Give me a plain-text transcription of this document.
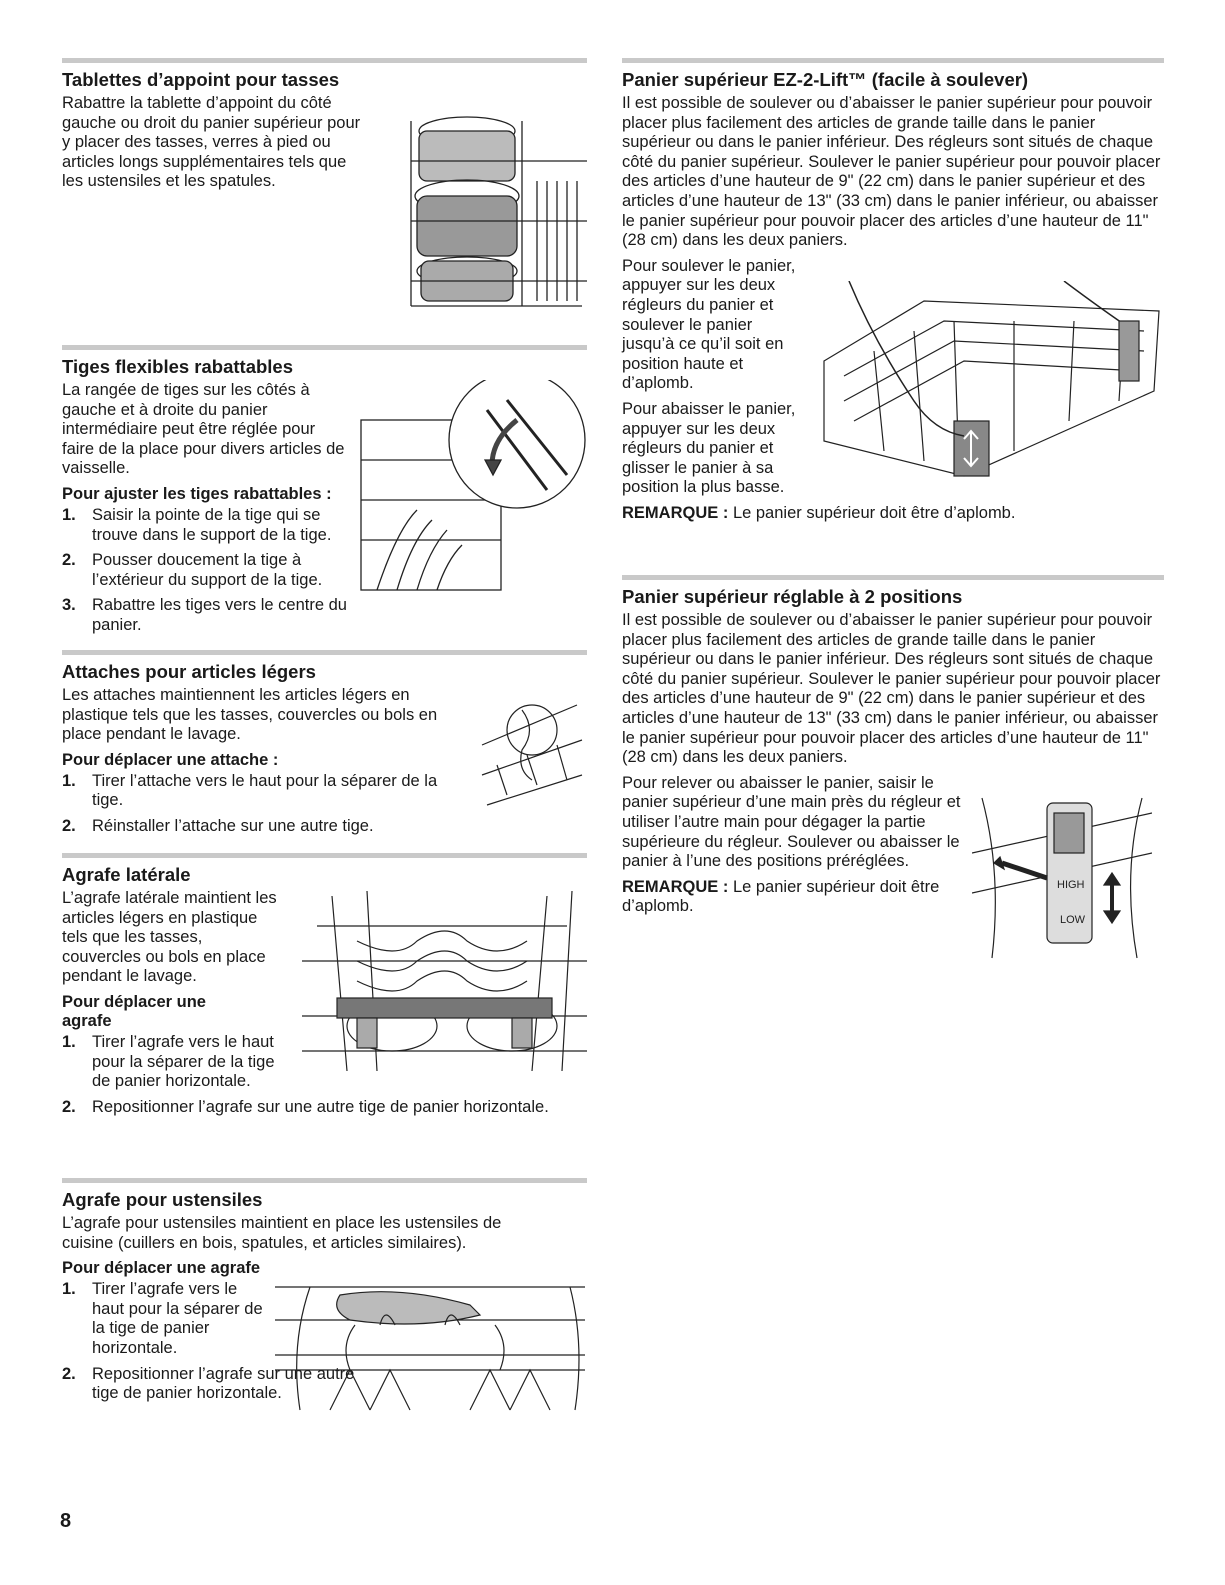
Tablettes d’appoint pour tasses

Rabattre la tablette d’appoint du côté gauche ou droit du panier supérieur pour y placer des tasses, verres à pied ou articles longs supplémentaires tels que les ustensiles et les spatules.

Tiges flexibles rabattables

La rangée de tiges sur les côtés à gauche et à droite du panier intermédiaire peut être réglée pour faire de la place pour divers articles de vaisselle.

Pour ajuster les tiges rabattables :
1. Saisir la pointe de la tige qui se trouve dans le support de la tige.
2. Pousser doucement la tige à l’extérieur du support de la tige.
3. Rabattre les tiges vers le centre du panier.
Attaches pour articles légers

Les attaches maintiennent les articles légers en plastique tels que les tasses, couvercles ou bols en place pendant le lavage.

Pour déplacer une attache :
1. Tirer l’attache vers le haut pour la séparer de la tige.
2. Réinstaller l’attache sur une autre tige.
Agrafe latérale

L’agrafe latérale maintient les articles légers en plastique tels que les tasses, couvercles ou bols en place pendant le lavage.

Pour déplacer une agrafe
1. Tirer l’agrafe vers le haut pour la séparer de la tige de panier horizontale.
2. Repositionner l’agrafe sur une autre tige de panier horizontale.
Agrafe pour ustensiles

L’agrafe pour ustensiles maintient en place les ustensiles de cuisine (cuillers en bois, spatules, et articles similaires).

Pour déplacer une agrafe
1. Tirer l’agrafe vers le haut pour la séparer de la tige de panier horizontale.
2. Repositionner l’agrafe sur une autre tige de panier horizontale.
Panier supérieur EZ-2-Lift™ (facile à soulever)

Il est possible de soulever ou d’abaisser le panier supérieur pour pouvoir placer plus facilement des articles de grande taille dans le panier supérieur ou dans le panier inférieur. Des régleurs sont situés de chaque côté du panier supérieur. Soulever le panier supérieur pour pouvoir placer des articles d’une hauteur de 9" (22 cm) dans le panier supérieur et des articles d’une hauteur de 13" (33 cm) dans le panier inférieur, ou abaisser le panier supérieur pour pouvoir placer des articles d’une hauteur de 11" (28 cm) dans les deux paniers.

Pour soulever le panier, appuyer sur les deux régleurs du panier et soulever le panier jusqu’à ce qu’il soit en position haute et d’aplomb.

Pour abaisser le panier, appuyer sur les deux régleurs du panier et glisser le panier à sa position la plus basse.

REMARQUE : Le panier supérieur doit être d’aplomb.

Panier supérieur réglable à 2 positions

Il est possible de soulever ou d’abaisser le panier supérieur pour pouvoir placer plus facilement des articles de grande taille dans le panier supérieur ou dans le panier inférieur. Des régleurs sont situés de chaque côté du panier supérieur. Soulever le panier supérieur pour pouvoir placer des articles d’une hauteur de 9" (22 cm) dans le panier supérieur et des articles d’une hauteur de 13" (33 cm) dans le panier inférieur, ou abaisser le panier supérieur pour pouvoir placer des articles d’une hauteur de 11" (28 cm) dans les deux paniers.

Pour relever ou abaisser le panier, saisir le panier supérieur d’une main près du régleur et utiliser l’autre main pour dégager la partie supérieure du régleur. Soulever ou abaisser le panier à l’une des positions préréglées.

REMARQUE : Le panier supérieur doit être d’aplomb.

HIGH
LOW
8
